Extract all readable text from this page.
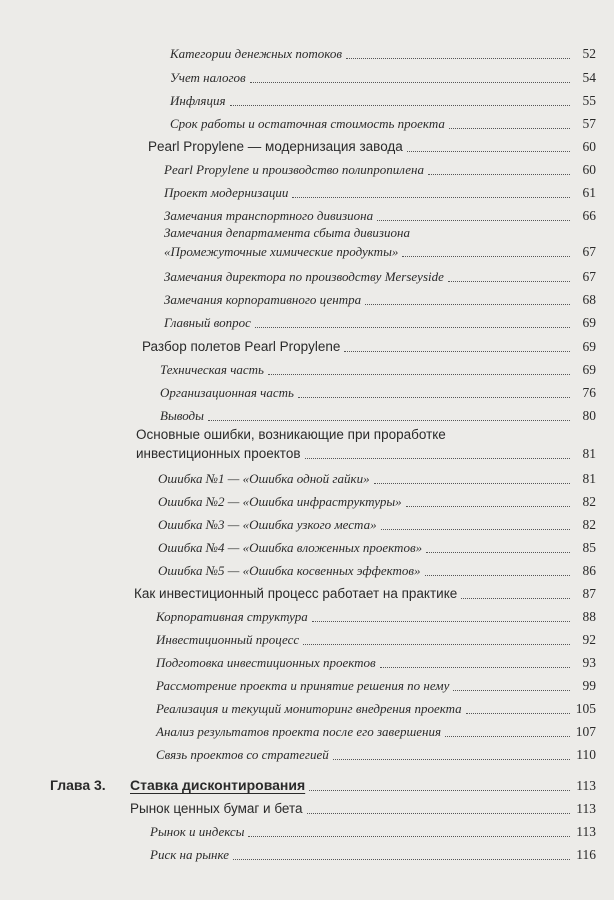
Категории денежных потоков	52
Учет налогов	54
Инфляция	55
Срок работы и остаточная стоимость проекта	57
Pearl Propylene — модернизация завода	60
Pearl Propylene и производство полипропилена	60
Проект модернизации	61
Замечания транспортного дивизиона	66
Замечания департамента сбыта дивизиона
«Промежуточные химические продукты»	67
Замечания директора по производству Merseyside	67
Замечания корпоративного центра	68
Главный вопрос	69
Разбор полетов Pearl Propylene	69
Техническая часть	69
Организационная часть	76
Выводы	80
Основные ошибки, возникающие при проработке
инвестиционных проектов	81
Ошибка №1 — «Ошибка одной гайки»	81
Ошибка №2 — «Ошибка инфраструктуры»	82
Ошибка №3 — «Ошибка узкого места»	82
Ошибка №4 — «Ошибка вложенных проектов»	85
Ошибка №5 — «Ошибка косвенных эффектов»	86
Как инвестиционный процесс работает на практике	87
Корпоративная структура	88
Инвестиционный процесс	92
Подготовка инвестиционных проектов	93
Рассмотрение проекта и принятие решения по нему	99
Реализация и текущий мониторинг внедрения проекта	105
Анализ результатов проекта после его завершения	107
Связь проектов со стратегией	110
Глава 3.	Ставка дисконтирования	113
Рынок ценных бумаг и бета	113
Рынок и индексы	113
Риск на рынке	116
